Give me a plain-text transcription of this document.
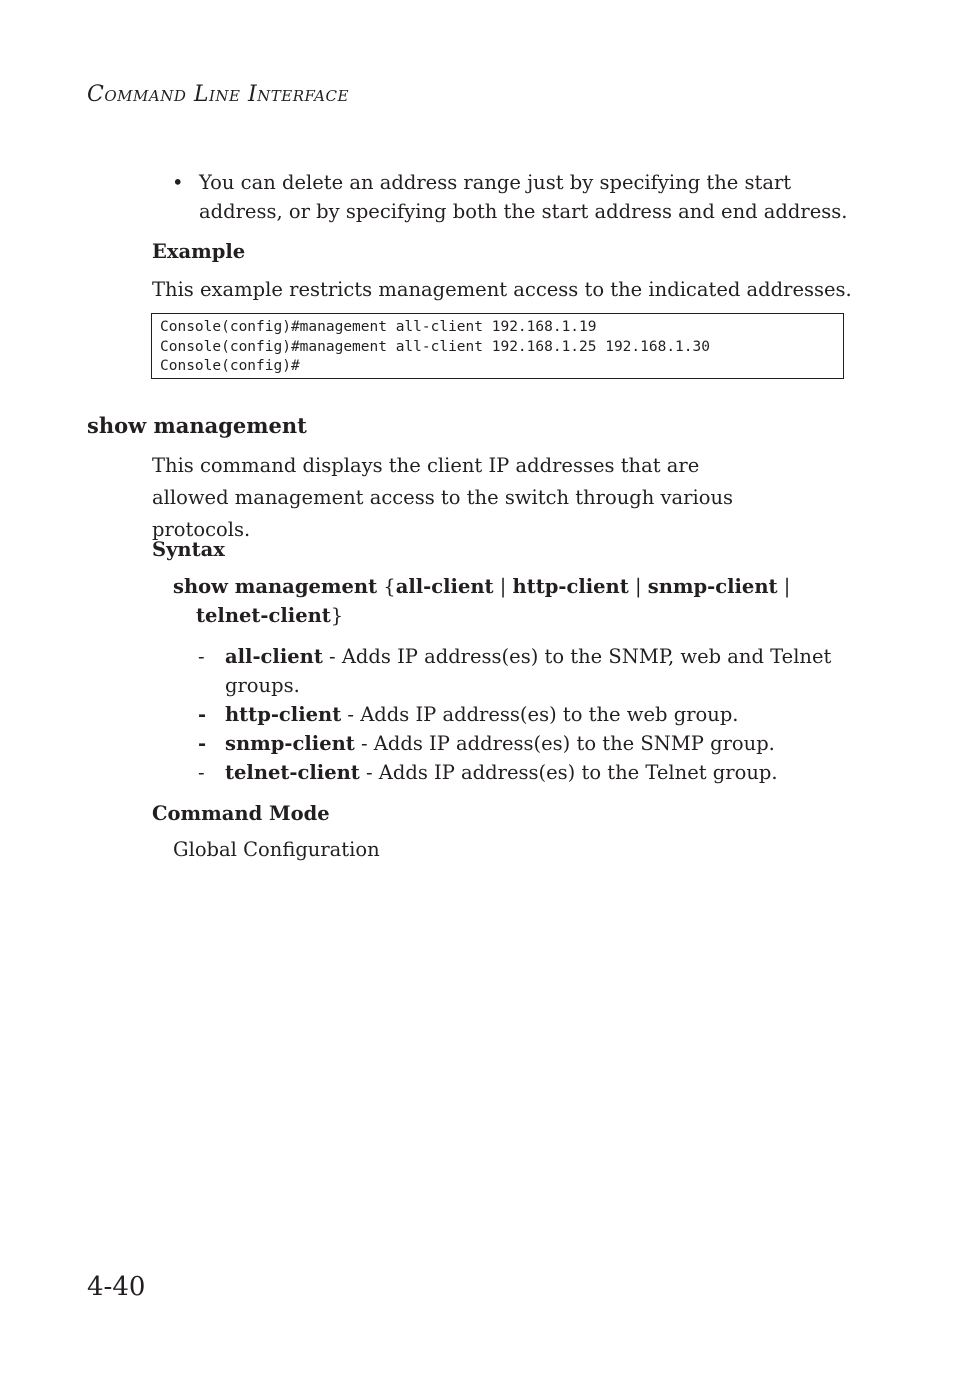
Command Line Interface
• You can delete an address range just by specifying the start address, or by specifying both the start address and end address.
Example
This example restricts management access to the indicated addresses.
Console(config)#management all-client 192.168.1.19
Console(config)#management all-client 192.168.1.25 192.168.1.30
Console(config)#
show management
This command displays the client IP addresses that are allowed management access to the switch through various protocols.
Syntax
show management {all-client | http-client | snmp-client |
telnet-client}
-	all-client - Adds IP address(es) to the SNMP, web and Telnet groups.
- http-client - Adds IP address(es) to the web group.
- snmp-client - Adds IP address(es) to the SNMP group.
-	telnet-client - Adds IP address(es) to the Telnet group.
Command Mode
Global Configuration
4-40
